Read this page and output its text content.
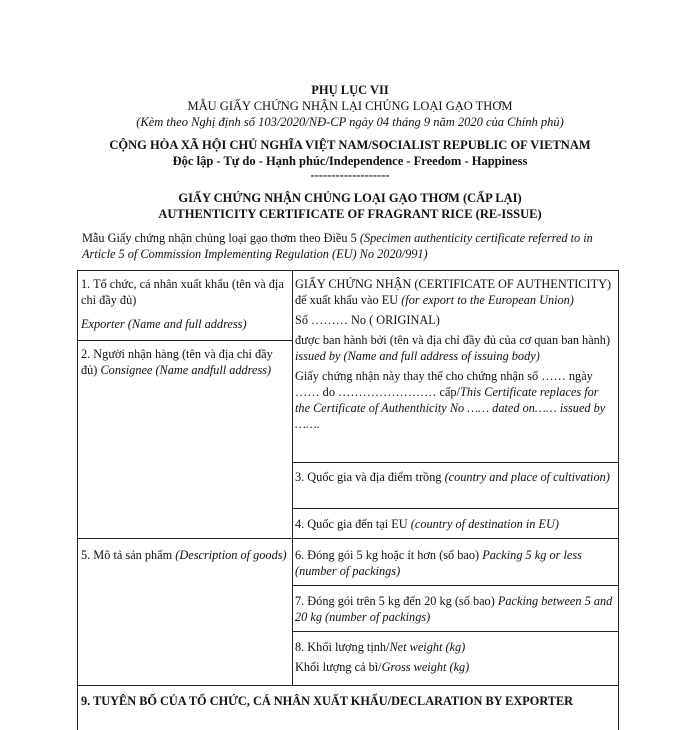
PHỤ LỤC VII
MẪU GIẤY CHỨNG NHẬN LẠI CHỦNG LOẠI GẠO THƠM
(Kèm theo Nghị định số 103/2020/NĐ-CP ngày 04 tháng 9 năm 2020 của Chính phủ)
CỘNG HÒA XÃ HỘI CHỦ NGHĨA VIỆT NAM/SOCIALIST REPUBLIC OF VIETNAM
Độc lập - Tự do - Hạnh phúc/Independence - Freedom - Happiness
-------------------
GIẤY CHỨNG NHẬN CHỦNG LOẠI GẠO THƠM (CẤP LẠI)
AUTHENTICITY CERTIFICATE OF FRAGRANT RICE (RE-ISSUE)
Mẫu Giấy chứng nhận chủng loại gạo thơm theo Điều 5 (Specimen authenticity certificate referred to in Article 5 of Commission Implementing Regulation (EU) No 2020/991)

1. Tổ chức, cá nhân xuất khẩu (tên và địa chỉ đầy đủ)

Exporter (Name and full address)

2. Người nhận hàng (tên và địa chỉ đầy đủ) Consignee (Name andfull address)
5. Mô tả sản phẩm (Description of goods)

GIẤY CHỨNG NHẬN (CERTIFICATE OF AUTHENTICITY) để xuất khẩu vào EU (for export to the European Union)

Số ……… No ( ORIGINAL)

được ban hành bởi (tên và địa chỉ đầy đủ của cơ quan ban hành) issued by (Name and full address of issuing body)

Giấy chứng nhận này thay thế cho chứng nhận số …… ngày …… do …………………… cấp/This Certificate replaces for the Certificate of Authenthicity No …… dated on…… issued by …….

3. Quốc gia và địa điểm trồng (country and place of cultivation)
4. Quốc gia đến tại EU (country of destination in EU)
6. Đóng gói 5 kg hoặc ít hơn (số bao) Packing 5 kg or less (number of packings)
7. Đóng gói trên 5 kg đến 20 kg (số bao) Packing between 5 and 20 kg (number of packings)

8. Khối lượng tịnh/Net weight (kg)

Khối lượng cả bì/Gross weight (kg)

9. TUYÊN BỐ CỦA TỔ CHỨC, CÁ NHÂN XUẤT KHẨU/DECLARATION BY EXPORTER
